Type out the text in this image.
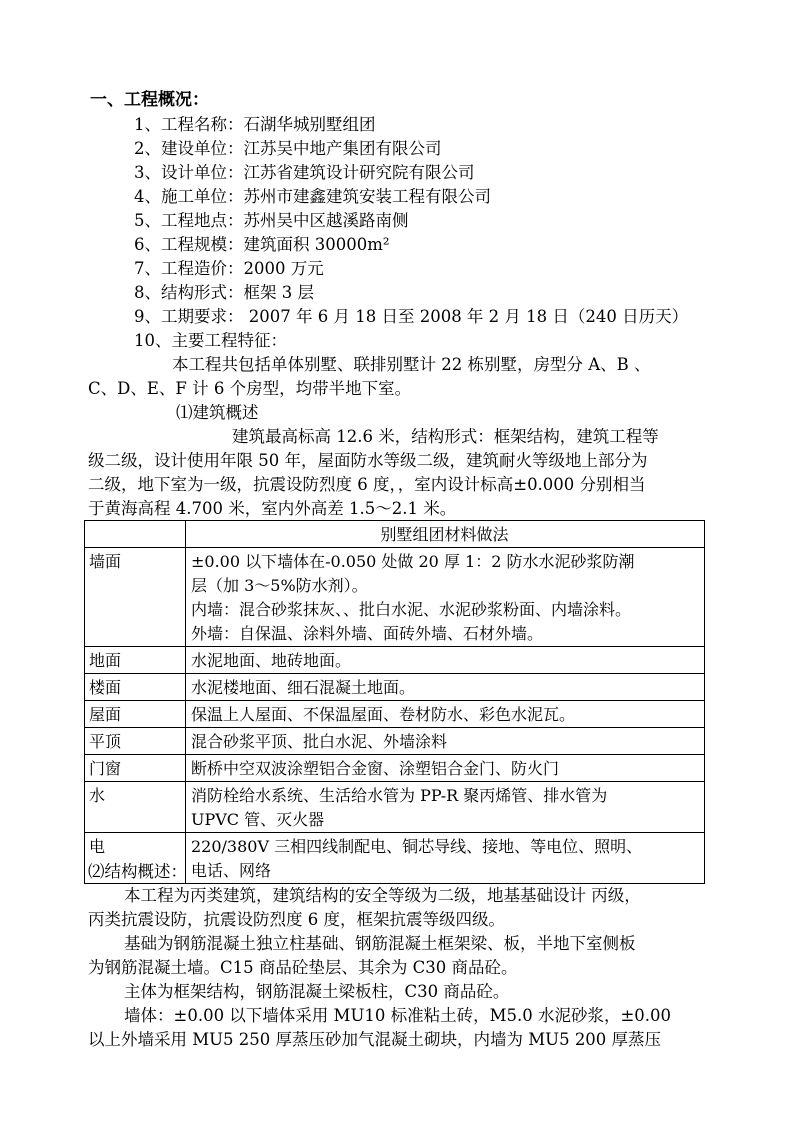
一、工程概况：
1、工程名称：石湖华城别墅组团
2、建设单位：江苏吴中地产集团有限公司
3、设计单位：江苏省建筑设计研究院有限公司
4、施工单位：苏州市建鑫建筑安装工程有限公司
5、工程地点：苏州吴中区越溪路南侧
6、工程规模：建筑面积 30000m²
7、工程造价：2000 万元
8、结构形式：框架 3 层
9、工期要求： 2007 年 6 月 18 日至 2008 年 2 月 18 日（240 日历天）
10、主要工程特征：
本工程共包括单体别墅、联排别墅计 22 栋别墅，房型分 A、B 、
C、D、E、F 计 6 个房型，均带半地下室。
⑴建筑概述
建筑最高标高 12.6 米，结构形式：框架结构，建筑工程等
级二级，设计使用年限 50 年，屋面防水等级二级，建筑耐火等级地上部分为
二级，地下室为一级，抗震设防烈度 6 度，，室内设计标高±0.000 分别相当
于黄海高程 4.700 米，室内外高差 1.5～2.1 米。
	别墅组团材料做法
墙面	±0.00 以下墙体在-0.050 处做 20 厚 1：2 防水水泥砂浆防潮
层（加 3～5%防水剂）。
内墙：混合砂浆抹灰、、批白水泥、水泥砂浆粉面、内墙涂料。
外墙：自保温、涂料外墙、面砖外墙、石材外墙。

地面	水泥地面、地砖地面。

楼面	水泥楼地面、细石混凝土地面。

屋面	保温上人屋面、不保温屋面、卷材防水、彩色水泥瓦。

平顶	混合砂浆平顶、批白水泥、外墙涂料

门窗	断桥中空双波涂塑铝合金窗、涂塑铝合金门、防火门

水	消防栓给水系统、生活给水管为 PP-R 聚丙烯管、排水管为
UPVC 管、灭火器

电	220/380V 三相四线制配电、铜芯导线、接地、等电位、照明、
电话、网络
⑵结构概述：
本工程为丙类建筑，建筑结构的安全等级为二级，地基基础设计 丙级，
丙类抗震设防，抗震设防烈度 6 度，框架抗震等级四级。
基础为钢筋混凝土独立柱基础、钢筋混凝土框架梁、板，半地下室侧板
为钢筋混凝土墙。C15 商品砼垫层、其余为 C30 商品砼。
主体为框架结构，钢筋混凝土梁板柱，C30 商品砼。
墙体：±0.00 以下墙体采用 MU10 标准粘土砖，M5.0 水泥砂浆，±0.00
以上外墙采用 MU5 250 厚蒸压砂加气混凝土砌块，内墙为 MU5 200 厚蒸压
